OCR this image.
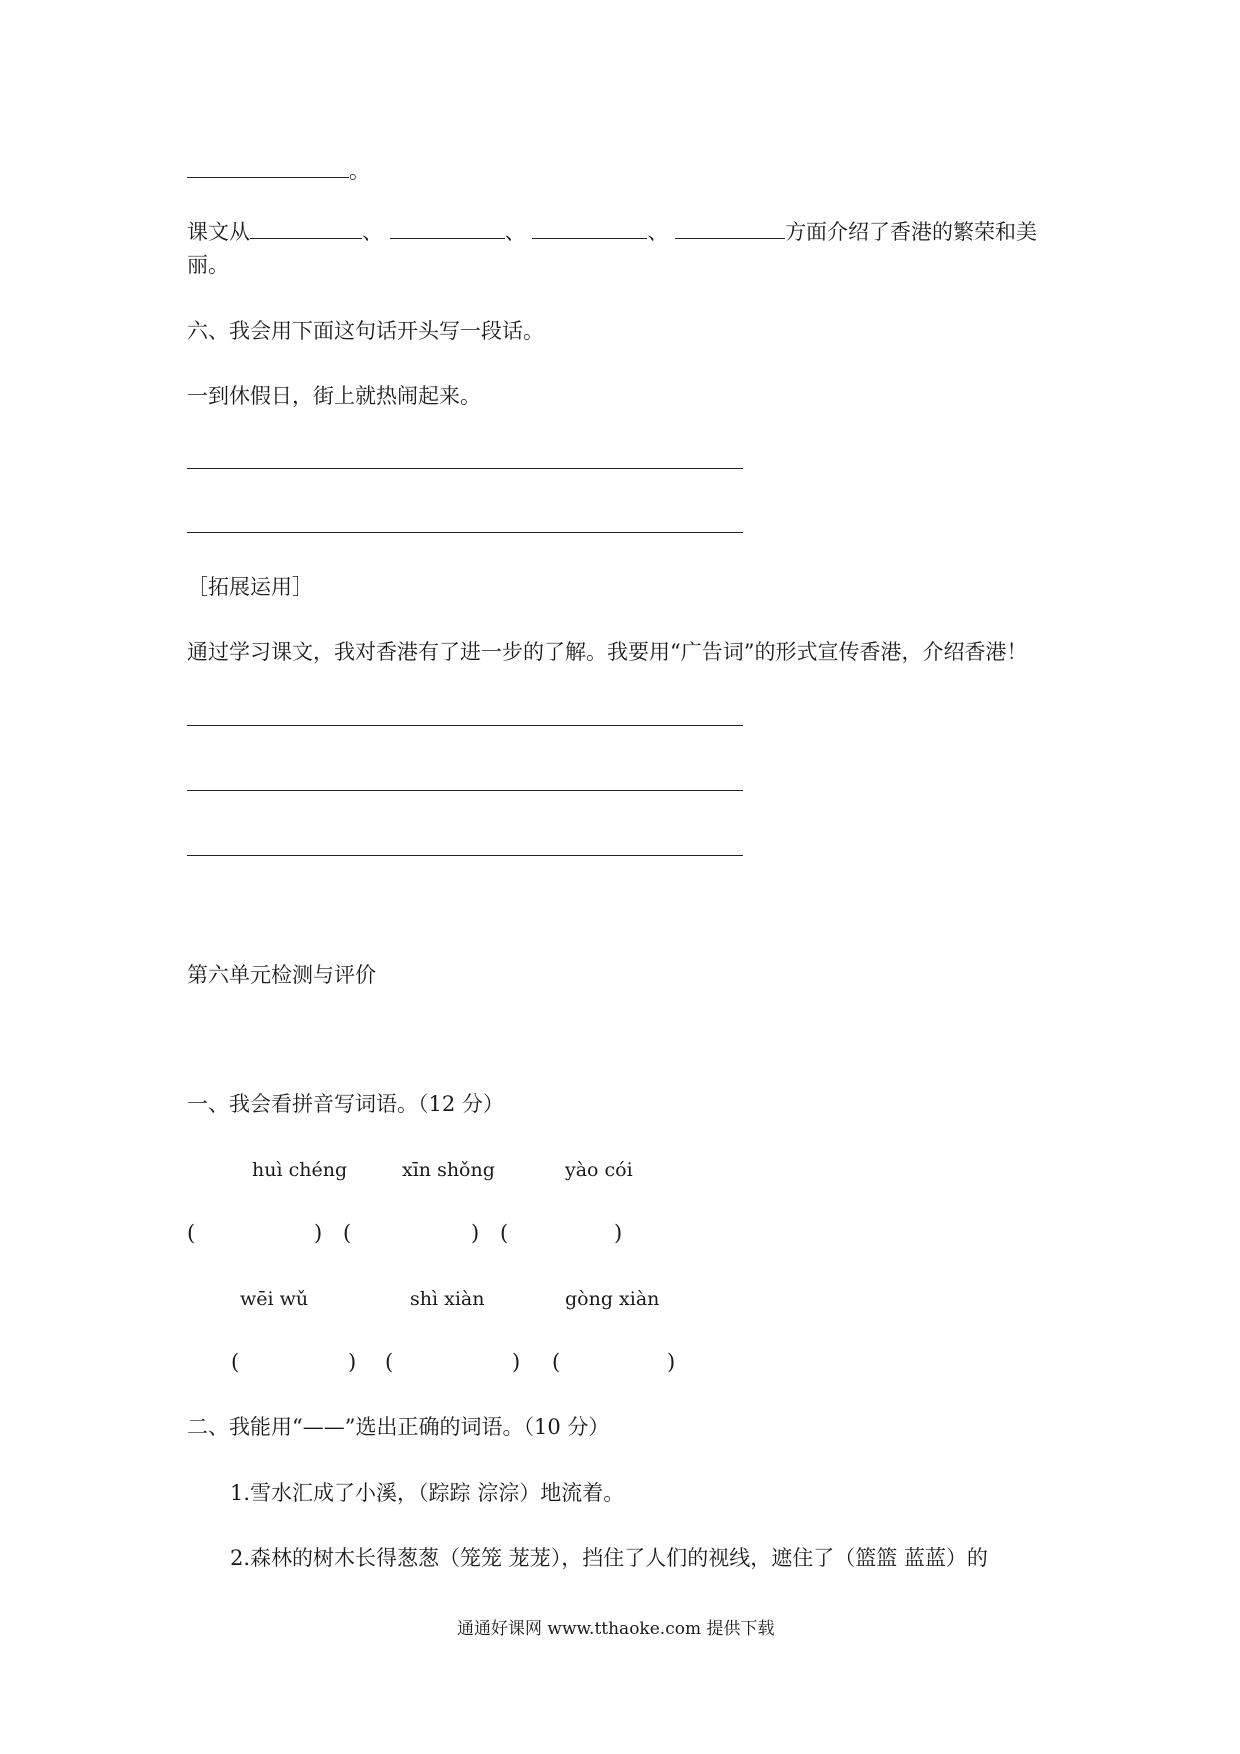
。
课文从	、	、	、	方面介绍了香港的繁荣和美
丽。
六、我会用下面这句话开头写一段话。
一到休假日，街上就热闹起来。
［拓展运用］
通过学习课文，我对香港有了进一步的了解。我要用“广告词”的形式宣传香港，介绍香港！
第六单元检测与评价
一、我会看拼音写词语。（12 分）
huì chéng	xīn shǒng	yào cói
(	) (	) (	)
wēi wǔ	shì xiàn	gòng xiàn
(	) (	) (	)
二、我能用“——”选出正确的词语。（10 分）
1.雪水汇成了小溪，（踪踪 淙淙）地流着。
2.森林的树木长得葱葱（笼笼 茏茏），挡住了人们的视线，遮住了（篮篮 蓝蓝）的
通通好课网 www.tthaoke.com 提供下载
